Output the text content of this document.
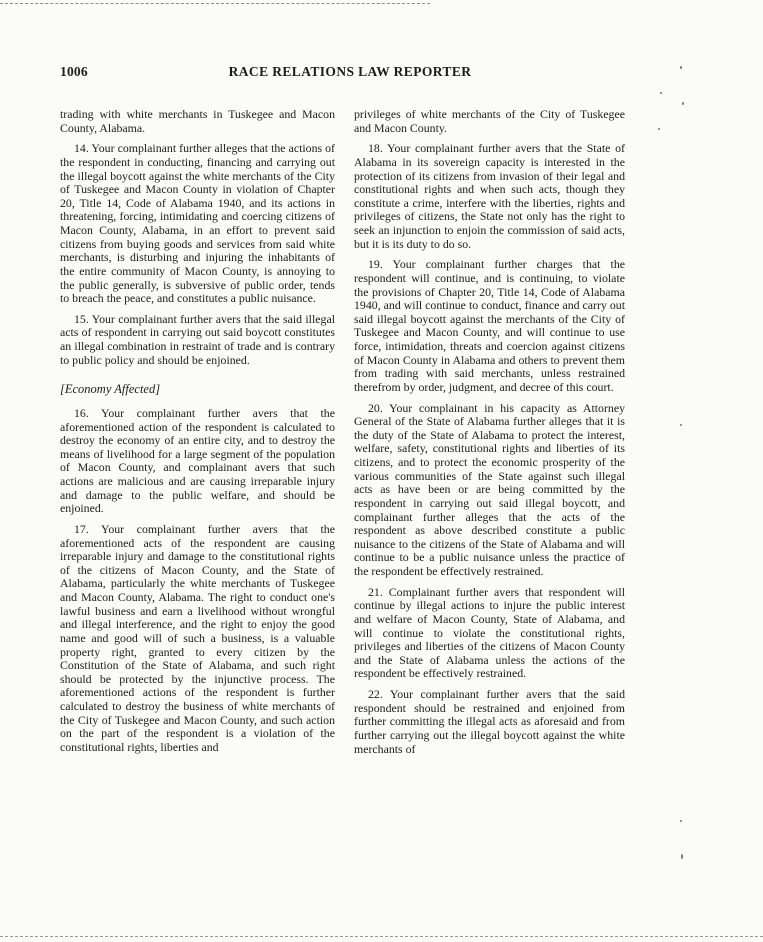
1006	RACE RELATIONS LAW REPORTER

trading with white merchants in Tuskegee and Macon County, Alabama.

14. Your complainant further alleges that the actions of the respondent in conducting, financing and carrying out the illegal boycott against the white merchants of the City of Tuskegee and Macon County in violation of Chapter 20, Title 14, Code of Alabama 1940, and its actions in threatening, forcing, intimidating and coercing citizens of Macon County, Alabama, in an effort to prevent said citizens from buying goods and services from said white merchants, is disturbing and injuring the inhabitants of the entire community of Macon County, is annoying to the public generally, is subversive of public order, tends to breach the peace, and constitutes a public nuisance.

15. Your complainant further avers that the said illegal acts of respondent in carrying out said boycott constitutes an illegal combination in restraint of trade and is contrary to public policy and should be enjoined.

[Economy Affected]

16. Your complainant further avers that the aforementioned action of the respondent is calculated to destroy the economy of an entire city, and to destroy the means of livelihood for a large segment of the population of Macon County, and complainant avers that such actions are malicious and are causing irreparable injury and damage to the public welfare, and should be enjoined.

17. Your complainant further avers that the aforementioned acts of the respondent are causing irreparable injury and damage to the constitutional rights of the citizens of Macon County, and the State of Alabama, particularly the white merchants of Tuskegee and Macon County, Alabama. The right to conduct one's lawful business and earn a livelihood without wrongful and illegal interference, and the right to enjoy the good name and good will of such a business, is a valuable property right, granted to every citizen by the Constitution of the State of Alabama, and such right should be protected by the injunctive process. The aforementioned actions of the respondent is further calculated to destroy the business of white merchants of the City of Tuskegee and Macon County, and such action on the part of the respondent is a violation of the constitutional rights, liberties and

privileges of white merchants of the City of Tuskegee and Macon County.

18. Your complainant further avers that the State of Alabama in its sovereign capacity is interested in the protection of its citizens from invasion of their legal and constitutional rights and when such acts, though they constitute a crime, interfere with the liberties, rights and privileges of citizens, the State not only has the right to seek an injunction to enjoin the commission of said acts, but it is its duty to do so.

19. Your complainant further charges that the respondent will continue, and is continuing, to violate the provisions of Chapter 20, Title 14, Code of Alabama 1940, and will continue to conduct, finance and carry out said illegal boycott against the merchants of the City of Tuskegee and Macon County, and will continue to use force, intimidation, threats and coercion against citizens of Macon County in Alabama and others to prevent them from trading with said merchants, unless restrained therefrom by order, judgment, and decree of this court.

20. Your complainant in his capacity as Attorney General of the State of Alabama further alleges that it is the duty of the State of Alabama to protect the interest, welfare, safety, constitutional rights and liberties of its citizens, and to protect the economic prosperity of the various communities of the State against such illegal acts as have been or are being committed by the respondent in carrying out said illegal boycott, and complainant further alleges that the acts of the respondent as above described constitute a public nuisance to the citizens of the State of Alabama and will continue to be a public nuisance unless the practice of the respondent be effectively restrained.

21. Complainant further avers that respondent will continue by illegal actions to injure the public interest and welfare of Macon County, State of Alabama, and will continue to violate the constitutional rights, privileges and liberties of the citizens of Macon County and the State of Alabama unless the actions of the respondent be effectively restrained.

22. Your complainant further avers that the said respondent should be restrained and enjoined from further committing the illegal acts as aforesaid and from further carrying out the illegal boycott against the white merchants of
